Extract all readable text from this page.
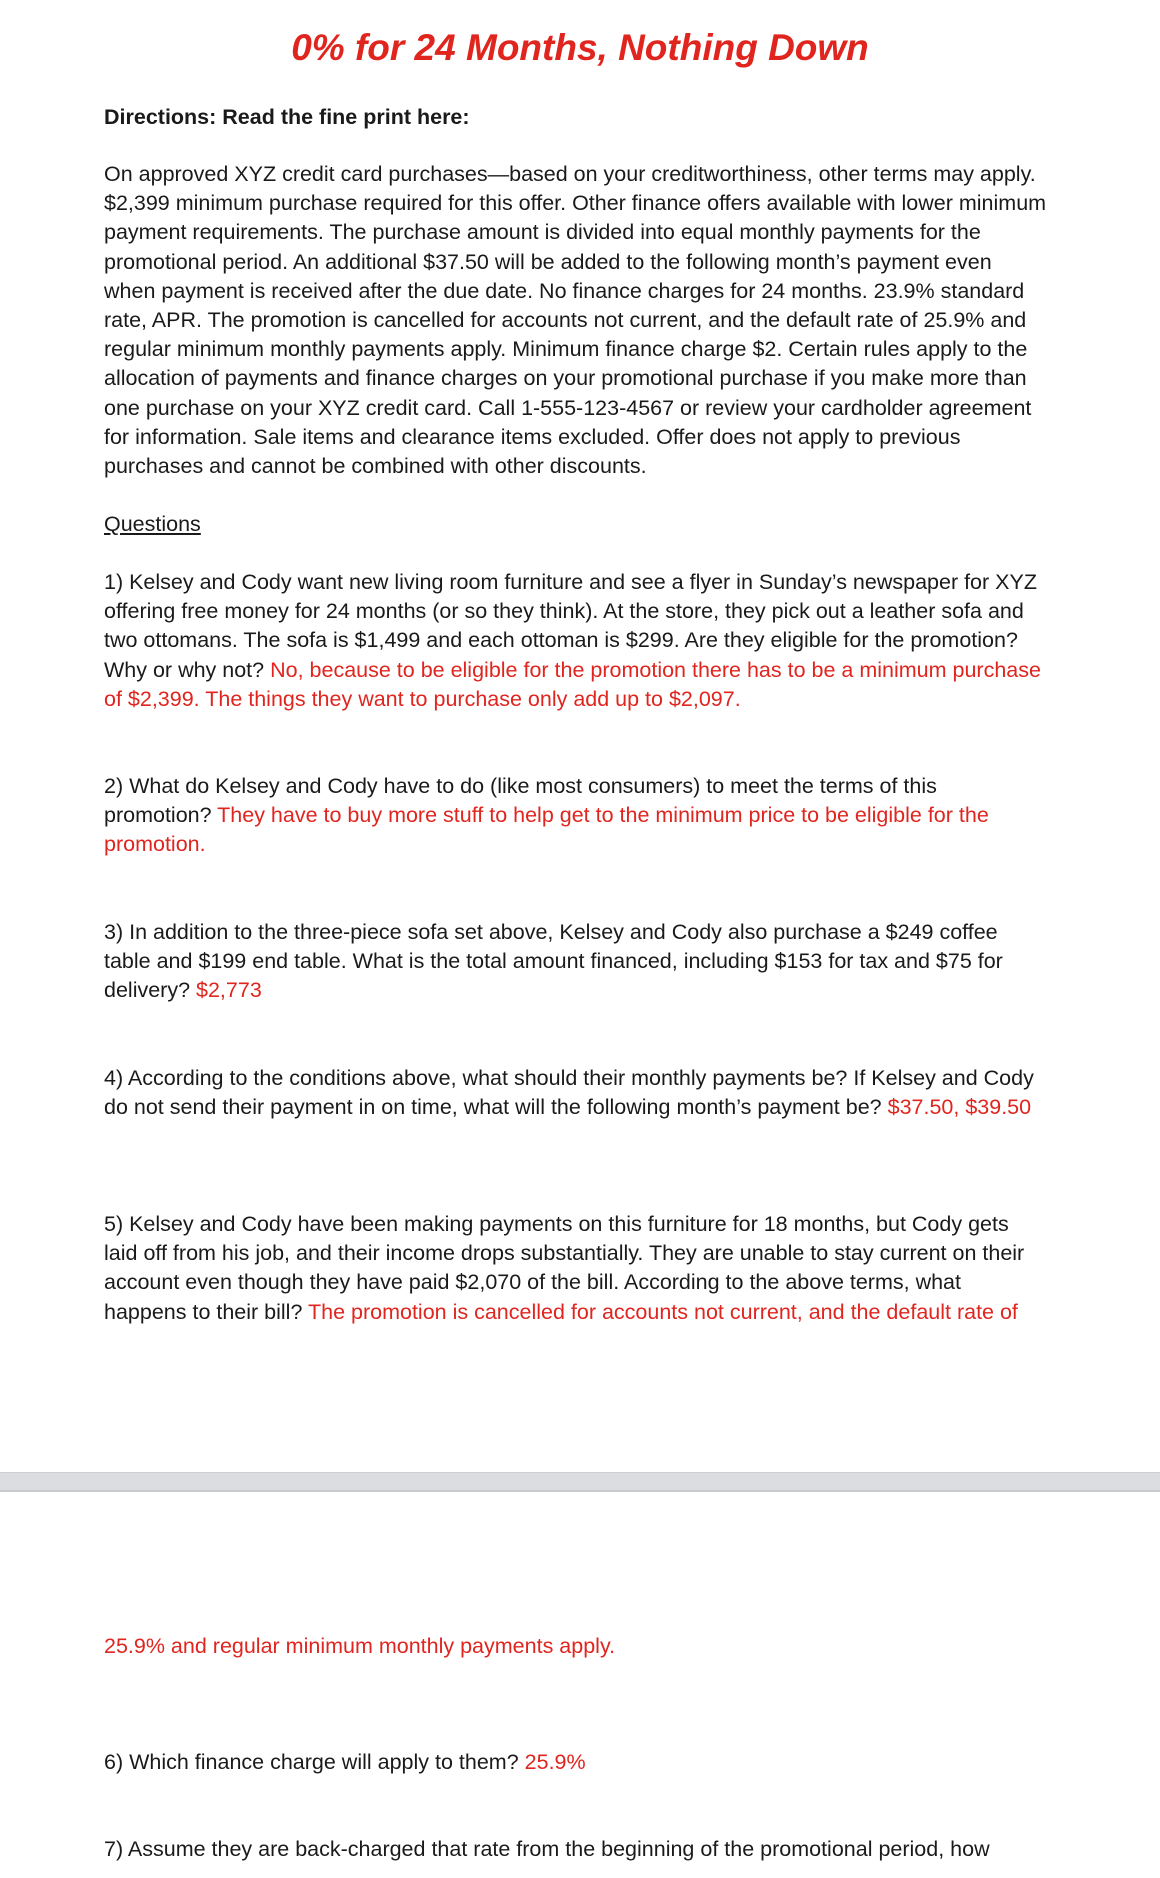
0% for 24 Months, Nothing Down

Directions: Read the fine print here:

On approved XYZ credit card purchases—based on your creditworthiness, other terms may apply. $2,399 minimum purchase required for this offer. Other finance offers available with lower minimum payment requirements. The purchase amount is divided into equal monthly payments for the promotional period. An additional $37.50 will be added to the following month’s payment even when payment is received after the due date. No finance charges for 24 months. 23.9% standard rate, APR. The promotion is cancelled for accounts not current, and the default rate of 25.9% and regular minimum monthly payments apply. Minimum finance charge $2. Certain rules apply to the allocation of payments and finance charges on your promotional purchase if you make more than one purchase on your XYZ credit card. Call 1-555-123-4567 or review your cardholder agreement for information. Sale items and clearance items excluded. Offer does not apply to previous purchases and cannot be combined with other discounts.

Questions

1) Kelsey and Cody want new living room furniture and see a flyer in Sunday’s newspaper for XYZ offering free money for 24 months (or so they think). At the store, they pick out a leather sofa and two ottomans. The sofa is $1,499 and each ottoman is $299. Are they eligible for the promotion? Why or why not? No, because to be eligible for the promotion there has to be a minimum purchase of $2,399. The things they want to purchase only add up to $2,097.

2) What do Kelsey and Cody have to do (like most consumers) to meet the terms of this promotion? They have to buy more stuff to help get to the minimum price to be eligible for the promotion.

3) In addition to the three-piece sofa set above, Kelsey and Cody also purchase a $249 coffee table and $199 end table. What is the total amount financed, including $153 for tax and $75 for delivery? $2,773

4) According to the conditions above, what should their monthly payments be? If Kelsey and Cody do not send their payment in on time, what will the following month’s payment be? $37.50, $39.50

5) Kelsey and Cody have been making payments on this furniture for 18 months, but Cody gets laid off from his job, and their income drops substantially. They are unable to stay current on their account even though they have paid $2,070 of the bill. According to the above terms, what happens to their bill? The promotion is cancelled for accounts not current, and the default rate of

25.9% and regular minimum monthly payments apply.

6) Which finance charge will apply to them? 25.9%

7) Assume they are back-charged that rate from the beginning of the promotional period, how
